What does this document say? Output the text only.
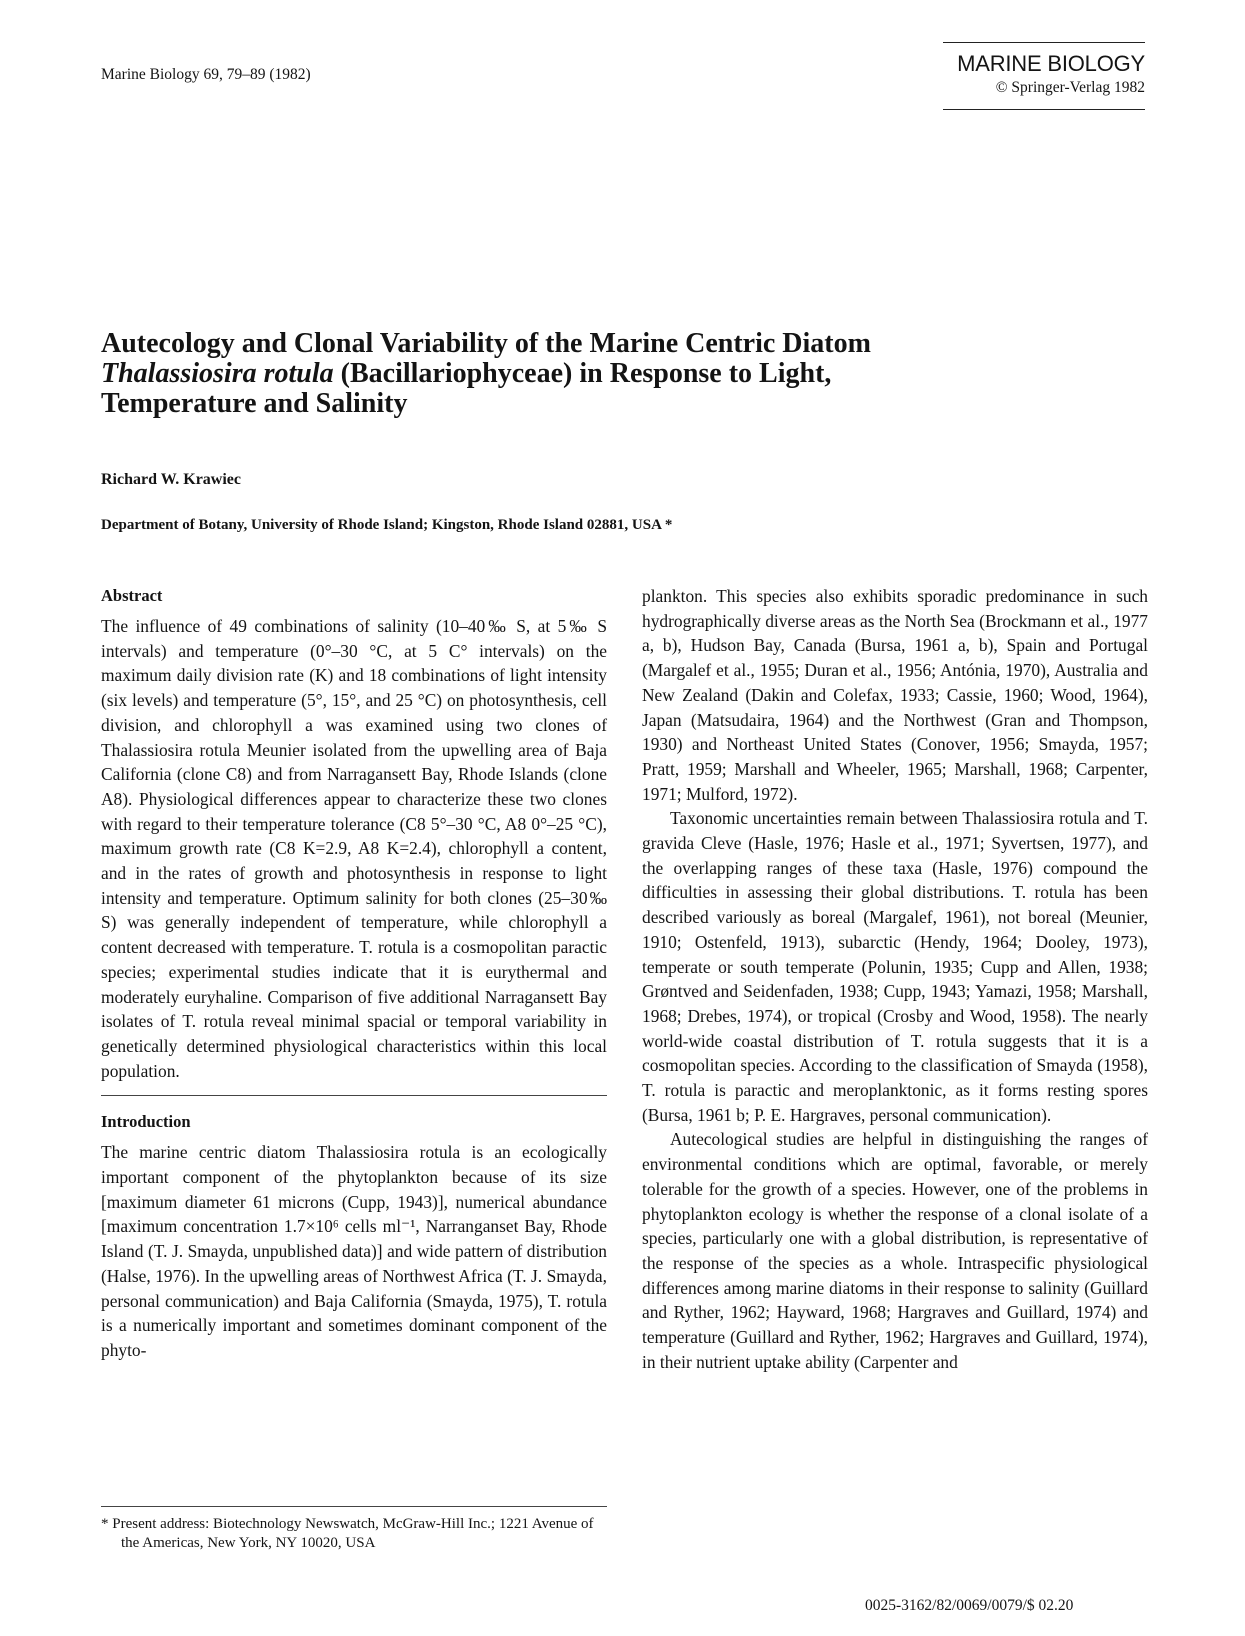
Marine Biology 69, 79–89 (1982)	MARINE BIOLOGY
© Springer-Verlag 1982
Autecology and Clonal Variability of the Marine Centric Diatom
Thalassiosira rotula (Bacillariophyceae) in Response to Light,
Temperature and Salinity
Richard W. Krawiec
Department of Botany, University of Rhode Island; Kingston, Rhode Island 02881, USA *
Abstract

The influence of 49 combinations of salinity (10–40‰ S, at 5‰ S intervals) and temperature (0°–30 °C, at 5 C° intervals) on the maximum daily division rate (K) and 18 combinations of light intensity (six levels) and temperature (5°, 15°, and 25 °C) on photosynthesis, cell division, and chlorophyll a was examined using two clones of Thalassiosira rotula Meunier isolated from the upwelling area of Baja California (clone C8) and from Narragansett Bay, Rhode Islands (clone A8). Physiological differences appear to characterize these two clones with regard to their temperature tolerance (C8 5°–30 °C, A8 0°–25 °C), maximum growth rate (C8 K=2.9, A8 K=2.4), chlorophyll a content, and in the rates of growth and photosynthesis in response to light intensity and temperature. Optimum salinity for both clones (25–30‰ S) was generally independent of temperature, while chlorophyll a content decreased with temperature. T. rotula is a cosmopolitan paractic species; experimental studies indicate that it is eurythermal and moderately euryhaline. Comparison of five additional Narragansett Bay isolates of T. rotula reveal minimal spacial or temporal variability in genetically determined physiological characteristics within this local population.

Introduction

The marine centric diatom Thalassiosira rotula is an ecologically important component of the phytoplankton because of its size [maximum diameter 61 microns (Cupp, 1943)], numerical abundance [maximum concentration 1.7×10⁶ cells ml⁻¹, Narranganset Bay, Rhode Island (T. J. Smayda, unpublished data)] and wide pattern of distribution (Halse, 1976). In the upwelling areas of Northwest Africa (T. J. Smayda, personal communication) and Baja California (Smayda, 1975), T. rotula is a numerically important and sometimes dominant component of the phyto-

plankton. This species also exhibits sporadic predominance in such hydrographically diverse areas as the North Sea (Brockmann et al., 1977 a, b), Hudson Bay, Canada (Bursa, 1961 a, b), Spain and Portugal (Margalef et al., 1955; Duran et al., 1956; Antónia, 1970), Australia and New Zealand (Dakin and Colefax, 1933; Cassie, 1960; Wood, 1964), Japan (Matsudaira, 1964) and the Northwest (Gran and Thompson, 1930) and Northeast United States (Conover, 1956; Smayda, 1957; Pratt, 1959; Marshall and Wheeler, 1965; Marshall, 1968; Carpenter, 1971; Mulford, 1972).

Taxonomic uncertainties remain between Thalassiosira rotula and T. gravida Cleve (Hasle, 1976; Hasle et al., 1971; Syvertsen, 1977), and the overlapping ranges of these taxa (Hasle, 1976) compound the difficulties in assessing their global distributions. T. rotula has been described variously as boreal (Margalef, 1961), not boreal (Meunier, 1910; Ostenfeld, 1913), subarctic (Hendy, 1964; Dooley, 1973), temperate or south temperate (Polunin, 1935; Cupp and Allen, 1938; Grøntved and Seidenfaden, 1938; Cupp, 1943; Yamazi, 1958; Marshall, 1968; Drebes, 1974), or tropical (Crosby and Wood, 1958). The nearly world-wide coastal distribution of T. rotula suggests that it is a cosmopolitan species. According to the classification of Smayda (1958), T. rotula is paractic and meroplanktonic, as it forms resting spores (Bursa, 1961 b; P. E. Hargraves, personal communication).

Autecological studies are helpful in distinguishing the ranges of environmental conditions which are optimal, favorable, or merely tolerable for the growth of a species. However, one of the problems in phytoplankton ecology is whether the response of a clonal isolate of a species, particularly one with a global distribution, is representative of the response of the species as a whole. Intraspecific physiological differences among marine diatoms in their response to salinity (Guillard and Ryther, 1962; Hayward, 1968; Hargraves and Guillard, 1974) and temperature (Guillard and Ryther, 1962; Hargraves and Guillard, 1974), in their nutrient uptake ability (Carpenter and

* Present address: Biotechnology Newswatch, McGraw-Hill Inc.; 1221 Avenue of the Americas, New York, NY 10020, USA
0025-3162/82/0069/0079/$ 02.20
